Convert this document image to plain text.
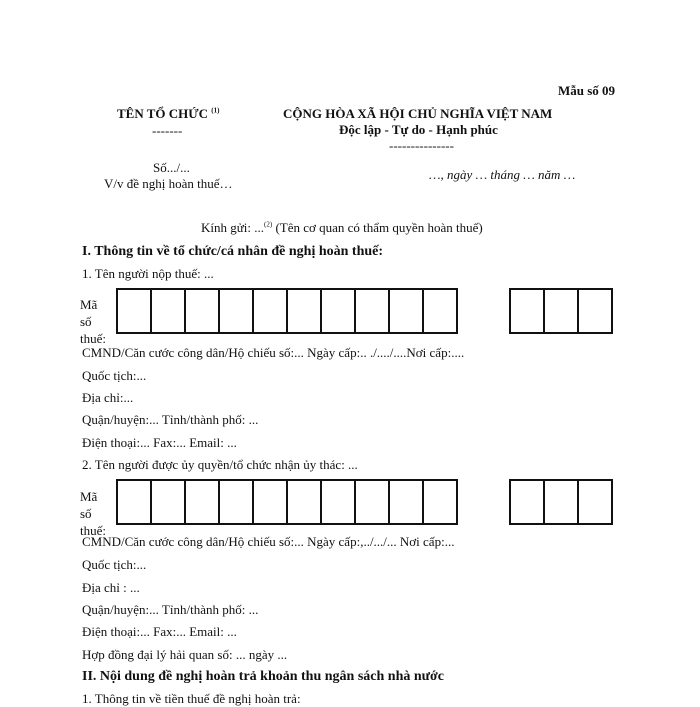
Mẫu số 09
TÊN TỔ CHỨC $^{(1)}$
-------
CỘNG HÒA XÃ HỘI CHỦ NGHĨA VIỆT NAM
Độc lập - Tự do - Hạnh phúc
---------------
Số.../...
V/v đề nghị hoàn thuế…
…, ngày … tháng … năm …
Kính gửi: ...$^{(2)}$ (Tên cơ quan có thẩm quyền hoàn thuế)
I. Thông tin về tổ chức/cá nhân đề nghị hoàn thuế:
1. Tên người nộp thuế: ...
Mã số
thuế:
CMND/Căn cước công dân/Hộ chiếu số:... Ngày cấp:.. ./..../....Nơi cấp:....
Quốc tịch:...
Địa chỉ:...
Quận/huyện:... Tỉnh/thành phố: ...
Điện thoại:... Fax:... Email: ...
2. Tên người được ủy quyền/tổ chức nhận ủy thác: ...
Mã số
thuế:
CMND/Căn cước công dân/Hộ chiếu số:... Ngày cấp:,../.../... Nơi cấp:...
Quốc tịch:...
Địa chỉ : ...
Quận/huyện:... Tỉnh/thành phố: ...
Điện thoại:... Fax:... Email: ...
Hợp đồng đại lý hải quan số: ... ngày ...
II. Nội dung đề nghị hoàn trả khoản thu ngân sách nhà nước
1. Thông tin về tiền thuế đề nghị hoàn trả:
